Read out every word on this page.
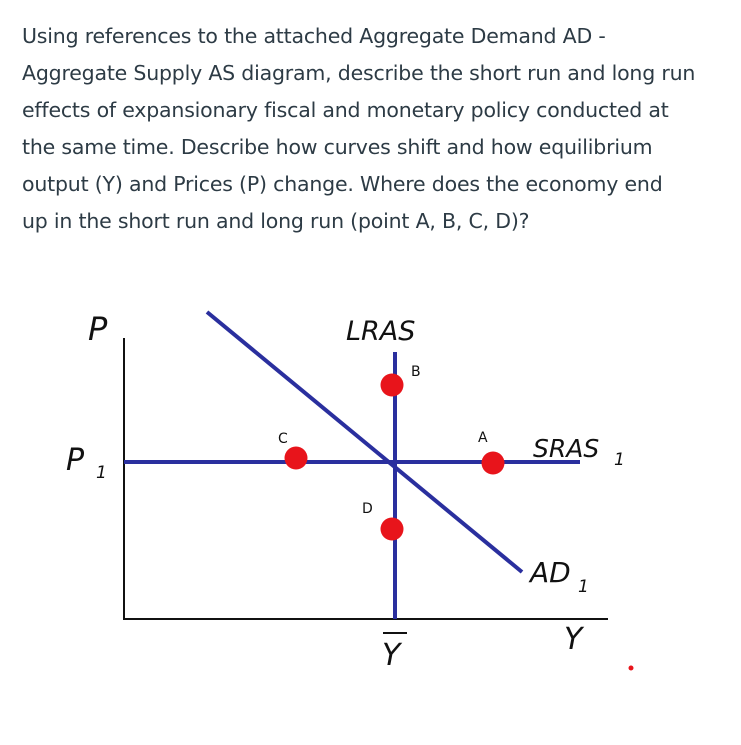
Using references to the attached Aggregate Demand AD -
Aggregate Supply AS diagram, describe the short run and long run
effects of expansionary fiscal and monetary policy conducted at
the same time. Describe how curves shift and how equilibrium
output (Y) and Prices (P) change. Where does the economy end
up in the short run and long run (point A, B, C, D)?
B
C	A
D
P
P 1
LRAS
SRAS 1
AD 1
Y	Y
